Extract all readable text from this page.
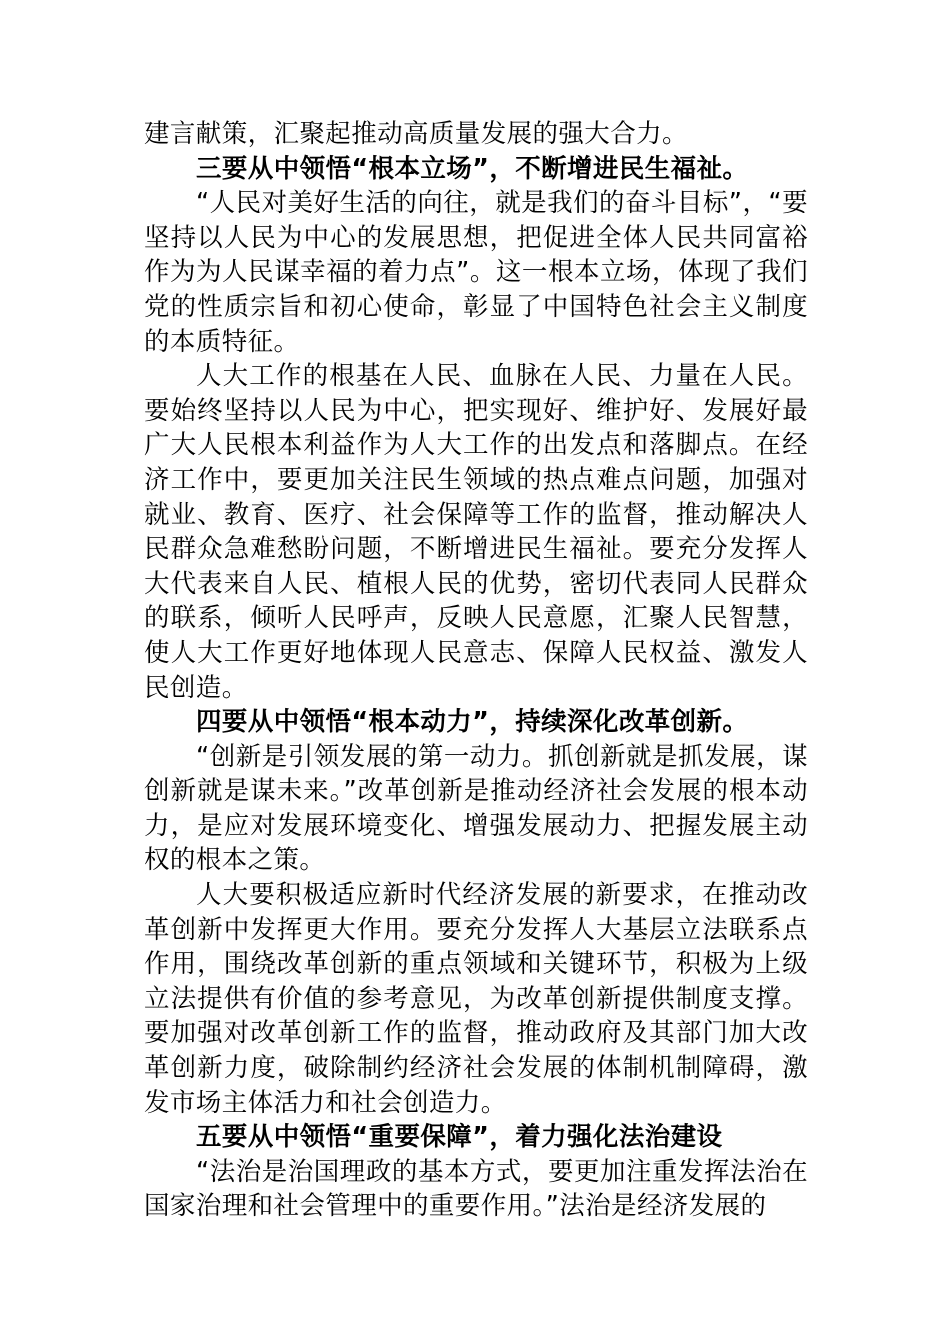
建言献策，汇聚起推动高质量发展的强大合力。

三要从中领悟“根本立场”，不断增进民生福祉。

“人民对美好生活的向往，就是我们的奋斗目标”，“要坚持以人民为中心的发展思想，把促进全体人民共同富裕作为为人民谋幸福的着力点”。这一根本立场，体现了我们党的性质宗旨和初心使命，彰显了中国特色社会主义制度的本质特征。

人大工作的根基在人民、血脉在人民、力量在人民。要始终坚持以人民为中心，把实现好、维护好、发展好最广大人民根本利益作为人大工作的出发点和落脚点。在经济工作中，要更加关注民生领域的热点难点问题，加强对就业、教育、医疗、社会保障等工作的监督，推动解决人民群众急难愁盼问题，不断增进民生福祉。要充分发挥人大代表来自人民、植根人民的优势，密切代表同人民群众的联系，倾听人民呼声，反映人民意愿，汇聚人民智慧，使人大工作更好地体现人民意志、保障人民权益、激发人民创造。

四要从中领悟“根本动力”，持续深化改革创新。

“创新是引领发展的第一动力。抓创新就是抓发展，谋创新就是谋未来。”改革创新是推动经济社会发展的根本动力，是应对发展环境变化、增强发展动力、把握发展主动权的根本之策。

人大要积极适应新时代经济发展的新要求，在推动改革创新中发挥更大作用。要充分发挥人大基层立法联系点作用，围绕改革创新的重点领域和关键环节，积极为上级立法提供有价值的参考意见，为改革创新提供制度支撑。要加强对改革创新工作的监督，推动政府及其部门加大改革创新力度，破除制约经济社会发展的体制机制障碍，激发市场主体活力和社会创造力。

五要从中领悟“重要保障”，着力强化法治建设

“法治是治国理政的基本方式，要更加注重发挥法治在国家治理和社会管理中的重要作用。”法治是经济发展的
